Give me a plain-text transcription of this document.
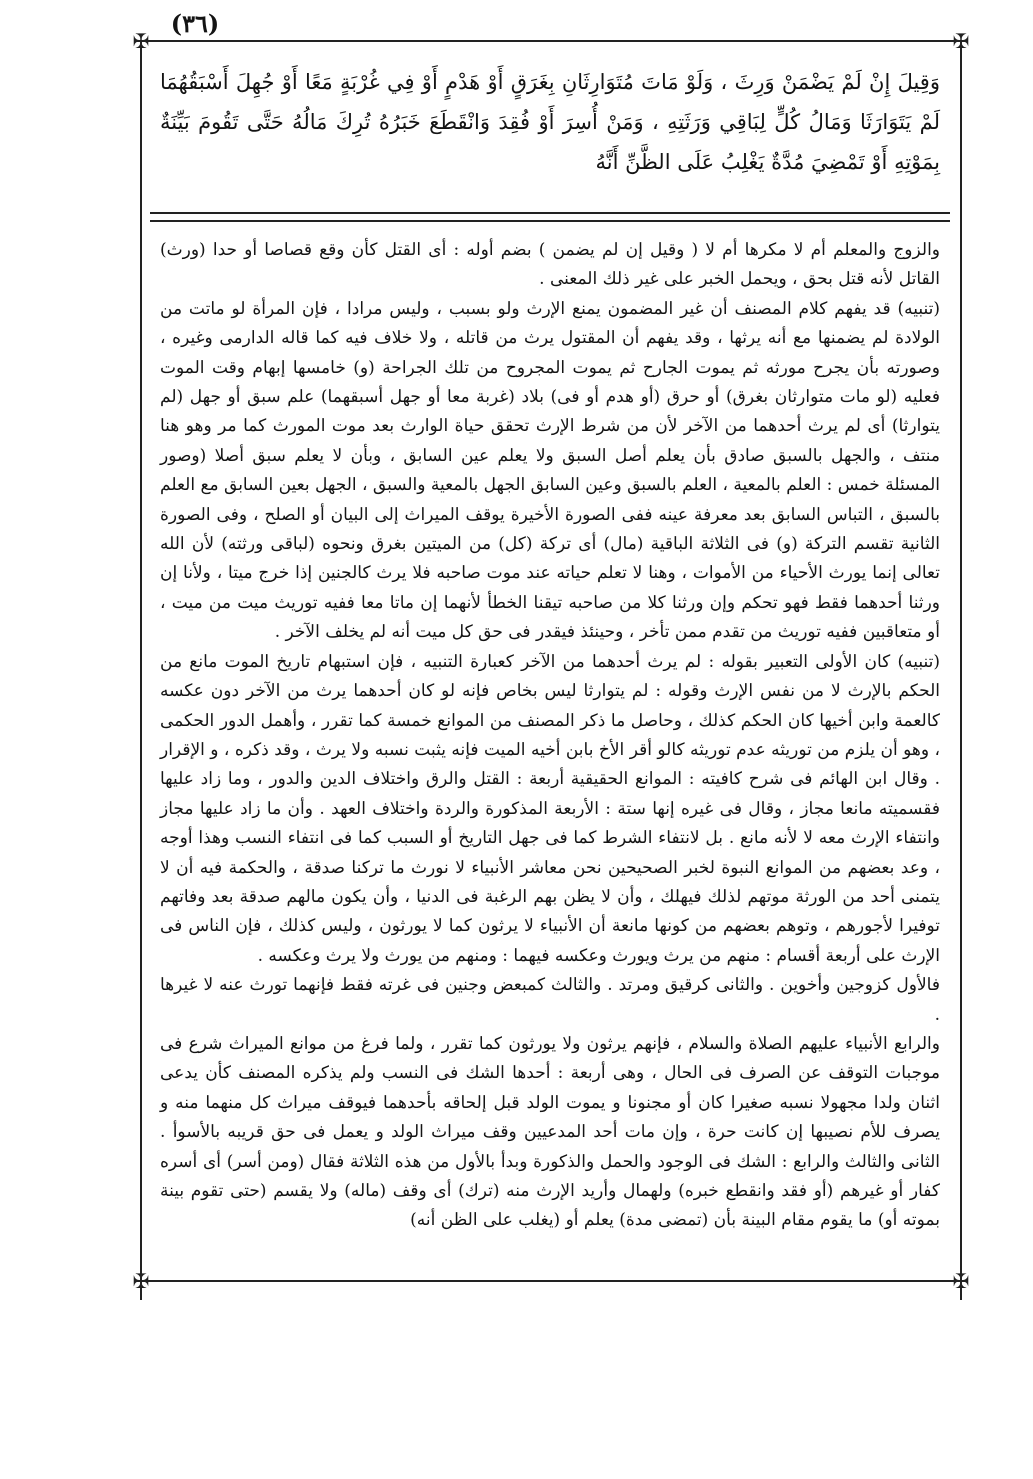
(٣٦)
✠	✠
✠	✠

وَقِيلَ إِنْ لَمْ يَضْمَنْ وَرِثَ ، وَلَوْ مَاتَ مُتَوَارِثَانِ بِغَرَقٍ أَوْ هَدْمٍ أَوْ فِي غُرْبَةٍ مَعًا أَوْ جُهِلَ أَسْبَقُهُمَا لَمْ يَتَوَارَثَا وَمَالُ كُلٍّ لِبَاقِي وَرَثَتِهِ ، وَمَنْ أُسِرَ أَوْ فُقِدَ وَانْقَطَعَ خَبَرُهُ تُرِكَ مَالُهُ حَتَّى تَقُومَ بَيِّنَةٌ بِمَوْتِهِ أَوْ تَمْضِيَ مُدَّةٌ يَغْلِبُ عَلَى الظَّنِّ أَنَّهُ

والزوج والمعلم أم لا مكرها أم لا ( وقيل إن لم يضمن ) بضم أوله : أى القتل كأن وقع قصاصا أو حدا (ورث) القاتل لأنه قتل بحق ، ويحمل الخبر على غير ذلك المعنى .

(تنبيه) قد يفهم كلام المصنف أن غير المضمون يمنع الإرث ولو بسبب ، وليس مرادا ، فإن المرأة لو ماتت من الولادة لم يضمنها مع أنه يرثها ، وقد يفهم أن المقتول يرث من قاتله ، ولا خلاف فيه كما قاله الدارمى وغيره ، وصورته بأن يجرح مورثه ثم يموت الجارح ثم يموت المجروح من تلك الجراحة (و) خامسها إبهام وقت الموت فعليه (لو مات متوارثان بغرق) أو حرق (أو هدم أو فى) بلاد (غربة معا أو جهل أسبقهما) علم سبق أو جهل (لم يتوارثا) أى لم يرث أحدهما من الآخر لأن من شرط الإرث تحقق حياة الوارث بعد موت المورث كما مر وهو هنا منتف ، والجهل بالسبق صادق بأن يعلم أصل السبق ولا يعلم عين السابق ، وبأن لا يعلم سبق أصلا (وصور المسئلة خمس : العلم بالمعية ، العلم بالسبق وعين السابق الجهل بالمعية والسبق ، الجهل بعين السابق مع العلم بالسبق ، التباس السابق بعد معرفة عينه ففى الصورة الأخيرة يوقف الميراث إلى البيان أو الصلح ، وفى الصورة الثانية تقسم التركة (و) فى الثلاثة الباقية (مال) أى تركة (كل) من الميتين بغرق ونحوه (لباقى ورثته) لأن الله تعالى إنما يورث الأحياء من الأموات ، وهنا لا تعلم حياته عند موت صاحبه فلا يرث كالجنين إذا خرج ميتا ، ولأنا إن ورثنا أحدهما فقط فهو تحكم وإن ورثنا كلا من صاحبه تيقنا الخطأ لأنهما إن ماتا معا ففيه توريث ميت من ميت ، أو متعاقبين ففيه توريث من تقدم ممن تأخر ، وحينئذ فيقدر فى حق كل ميت أنه لم يخلف الآخر .

(تنبيه) كان الأولى التعبير بقوله : لم يرث أحدهما من الآخر كعبارة التنبيه ، فإن استبهام تاريخ الموت مانع من الحكم بالإرث لا من نفس الإرث وقوله : لم يتوارثا ليس بخاص فإنه لو كان أحدهما يرث من الآخر دون عكسه كالعمة وابن أخيها كان الحكم كذلك ، وحاصل ما ذكر المصنف من الموانع خمسة كما تقرر ، وأهمل الدور الحكمى ، وهو أن يلزم من توريثه عدم توريثه كالو أقر الأخ بابن أخيه الميت فإنه يثبت نسبه ولا يرث ، وقد ذكره ، و الإقرار . وقال ابن الهائم فى شرح كافيته : الموانع الحقيقية أربعة : القتل والرق واختلاف الدين والدور ، وما زاد عليها فقسميته مانعا مجاز ، وقال فى غيره إنها ستة : الأربعة المذكورة والردة واختلاف العهد . وأن ما زاد عليها مجاز وانتفاء الإرث معه لا لأنه مانع . بل لانتفاء الشرط كما فى جهل التاريخ أو السبب كما فى انتفاء النسب وهذا أوجه ، وعد بعضهم من الموانع النبوة لخبر الصحيحين نحن معاشر الأنبياء لا نورث ما تركنا صدقة ، والحكمة فيه أن لا يتمنى أحد من الورثة موتهم لذلك فيهلك ، وأن لا يظن بهم الرغبة فى الدنيا ، وأن يكون مالهم صدقة بعد وفاتهم توفيرا لأجورهم ، وتوهم بعضهم من كونها مانعة أن الأنبياء لا يرثون كما لا يورثون ، وليس كذلك ، فإن الناس فى الإرث على أربعة أقسام : منهم من يرث ويورث وعكسه فيهما : ومنهم من يورث ولا يرث وعكسه .

فالأول كزوجين وأخوين . والثانى كرقيق ومرتد . والثالث كمبعض وجنين فى غرته فقط فإنهما تورث عنه لا غيرها .

والرابع الأنبياء عليهم الصلاة والسلام ، فإنهم يرثون ولا يورثون كما تقرر ، ولما فرغ من موانع الميراث شرع فى موجبات التوقف عن الصرف فى الحال ، وهى أربعة : أحدها الشك فى النسب ولم يذكره المصنف كأن يدعى اثنان ولدا مجهولا نسبه صغيرا كان أو مجنونا و يموت الولد قبل إلحاقه بأحدهما فيوقف ميراث كل منهما منه و يصرف للأم نصيبها إن كانت حرة ، وإن مات أحد المدعيين وقف ميراث الولد و يعمل فى حق قريبه بالأسوأ . الثانى والثالث والرابع : الشك فى الوجود والحمل والذكورة وبدأ بالأول من هذه الثلاثة فقال (ومن أسر) أى أسره كفار أو غيرهم (أو فقد وانقطع خبره) ولهمال وأريد الإرث منه (ترك) أى وقف (ماله) ولا يقسم (حتى تقوم بينة بموته أو) ما يقوم مقام البينة بأن (تمضى مدة) يعلم أو (يغلب على الظن أنه)
